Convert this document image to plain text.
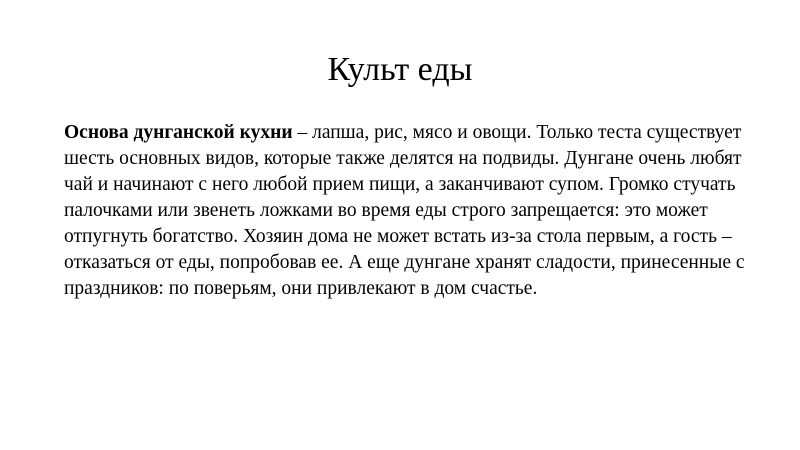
Культ еды

Основа дунганской кухни – лапша, рис, мясо и овощи. Только теста существует шесть основных видов, которые также делятся на подвиды. Дунгане очень любят чай и начинают с него любой прием пищи, а заканчивают супом. Громко стучать палочками или звенеть ложками во время еды строго запрещается: это может отпугнуть богатство. Хозяин дома не может встать из-за стола первым, а гость – отказаться от еды, попробовав ее. А еще дунгане хранят сладости, принесенные с праздников: по поверьям, они привлекают в дом счастье.
